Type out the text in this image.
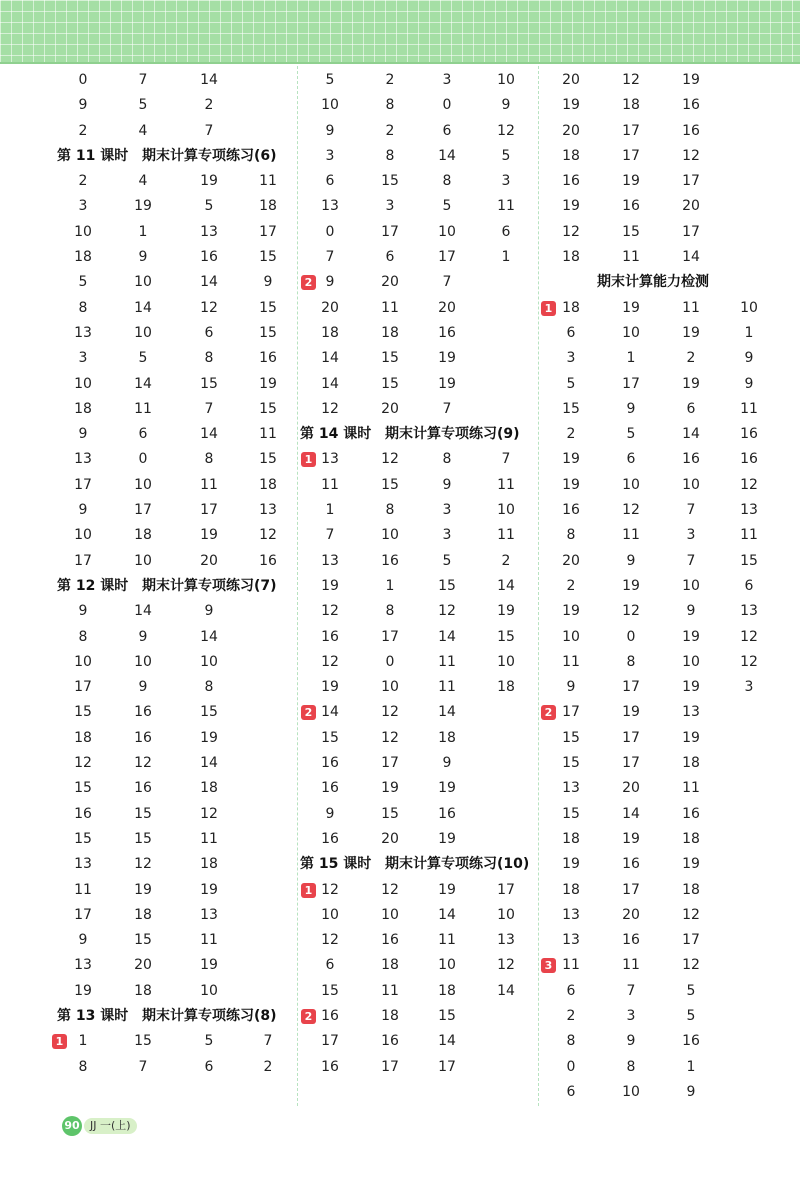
0	7	14
9	5	2
2	4	7
第 11 课时 期末计算专项练习(6)
2	4	19	11
3	19	5	18
10	1	13	17
18	9	16	15
5	10	14	9
8	14	12	15
13	10	6	15
3	5	8	16
10	14	15	19
18	11	7	15
9	6	14	11
13	0	8	15
17	10	11	18
9	17	17	13
10	18	19	12
17	10	20	16
第 12 课时 期末计算专项练习(7)
9	14	9
8	9	14
10	10	10
17	9	8
15	16	15
18	16	19
12	12	14
15	16	18
16	15	12
15	15	11
13	12	18
11	19	19
17	18	13
9	15	11
13	20	19
19	18	10
第 13 课时 期末计算专项练习(8)
1	1	15	5	7
8	7	6	2
5	2	3	10
10	8	0	9
9	2	6	12
3	8	14	5
6	15	8	3
13	3	5	11
0	17	10	6
7	6	17	1
2 9	20	7
20	11	20
18	18	16
14	15	19
14	15	19
12	20	7
第 14 课时 期末计算专项练习(9)
1 13	12	8	7
11	15	9	11
1	8	3	10
7	10	3	11
13	16	5	2
19	1	15	14
12	8	12	19
16	17	14	15
12	0	11	10
19	10	11	18
2 14	12	14
15	12	18
16	17	9
16	19	19
9	15	16
16	20	19
第 15 课时 期末计算专项练习(10)
1 12	12	19	17
10	10	14	10
12	16	11	13
6	18	10	12
15	11	18	14
2 16	18	15
17	16	14
16	17	17
20	12	19
19	18	16
20	17	16
18	17	12
16	19	17
19	16	20
12	15	17
18	11	14
期末计算能力检测
1 18	19	11	10
6	10	19	1
3	1	2	9
5	17	19	9
15	9	6	11
2	5	14	16
19	6	16	16
19	10	10	12
16	12	7	13
8	11	3	11
20	9	7	15
2	19	10	6
19	12	9	13
10	0	19	12
11	8	10	12
9	17	19	3
2 17	19	13
15	17	19
15	17	18
13	20	11
15	14	16
18	19	18
19	16	19
18	17	18
13	20	12
13	16	17
3 11	11	12
6	7	5
2	3	5
8	9	16
0	8	1
6	10	9
90 JJ 一(上)
